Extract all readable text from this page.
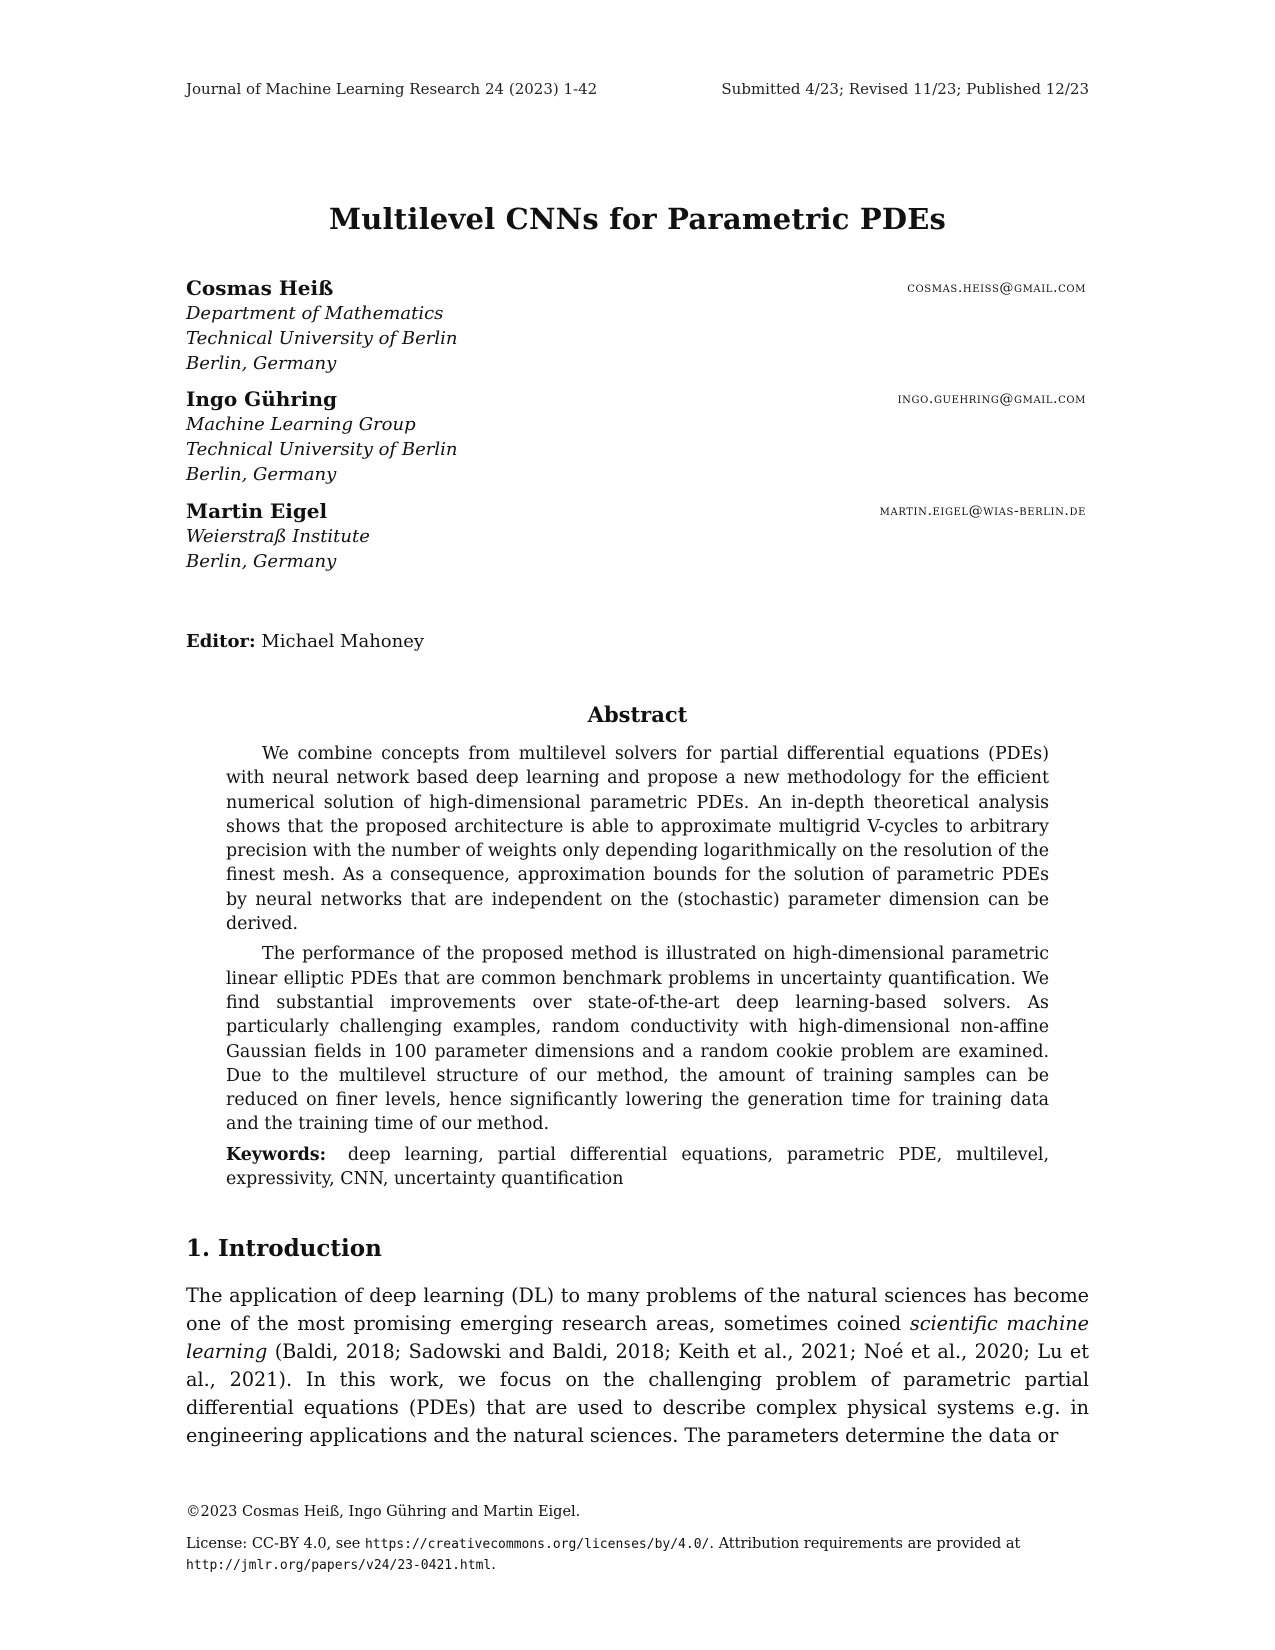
Journal of Machine Learning Research 24 (2023) 1-42	Submitted 4/23; Revised 11/23; Published 12/23
Multilevel CNNs for Parametric PDEs
Cosmas Heiß
Department of Mathematics
Technical University of Berlin
Berlin, Germany
cosmas.heiss@gmail.com
Ingo Gühring
Machine Learning Group
Technical University of Berlin
Berlin, Germany
ingo.guehring@gmail.com
Martin Eigel
Weierstraß Institute
Berlin, Germany
martin.eigel@wias-berlin.de
Editor: Michael Mahoney
Abstract

We combine concepts from multilevel solvers for partial differential equations (PDEs) with neural network based deep learning and propose a new methodology for the efficient numerical solution of high-dimensional parametric PDEs. An in-depth theoretical analysis shows that the proposed architecture is able to approximate multigrid V-cycles to arbitrary precision with the number of weights only depending logarithmically on the resolution of the finest mesh. As a consequence, approximation bounds for the solution of parametric PDEs by neural networks that are independent on the (stochastic) parameter dimension can be derived.

The performance of the proposed method is illustrated on high-dimensional parametric linear elliptic PDEs that are common benchmark problems in uncertainty quantification. We find substantial improvements over state-of-the-art deep learning-based solvers. As particularly challenging examples, random conductivity with high-dimensional non-affine Gaussian fields in 100 parameter dimensions and a random cookie problem are examined. Due to the multilevel structure of our method, the amount of training samples can be reduced on finer levels, hence significantly lowering the generation time for training data and the training time of our method.

Keywords: deep learning, partial differential equations, parametric PDE, multilevel, expressivity, CNN, uncertainty quantification

1. Introduction

The application of deep learning (DL) to many problems of the natural sciences has become one of the most promising emerging research areas, sometimes coined scientific machine learning (Baldi, 2018; Sadowski and Baldi, 2018; Keith et al., 2021; Noé et al., 2020; Lu et al., 2021). In this work, we focus on the challenging problem of parametric partial differential equations (PDEs) that are used to describe complex physical systems e.g. in engineering applications and the natural sciences. The parameters determine the data or

©2023 Cosmas Heiß, Ingo Gühring and Martin Eigel.
License: CC-BY 4.0, see https://creativecommons.org/licenses/by/4.0/. Attribution requirements are provided at http://jmlr.org/papers/v24/23-0421.html.
